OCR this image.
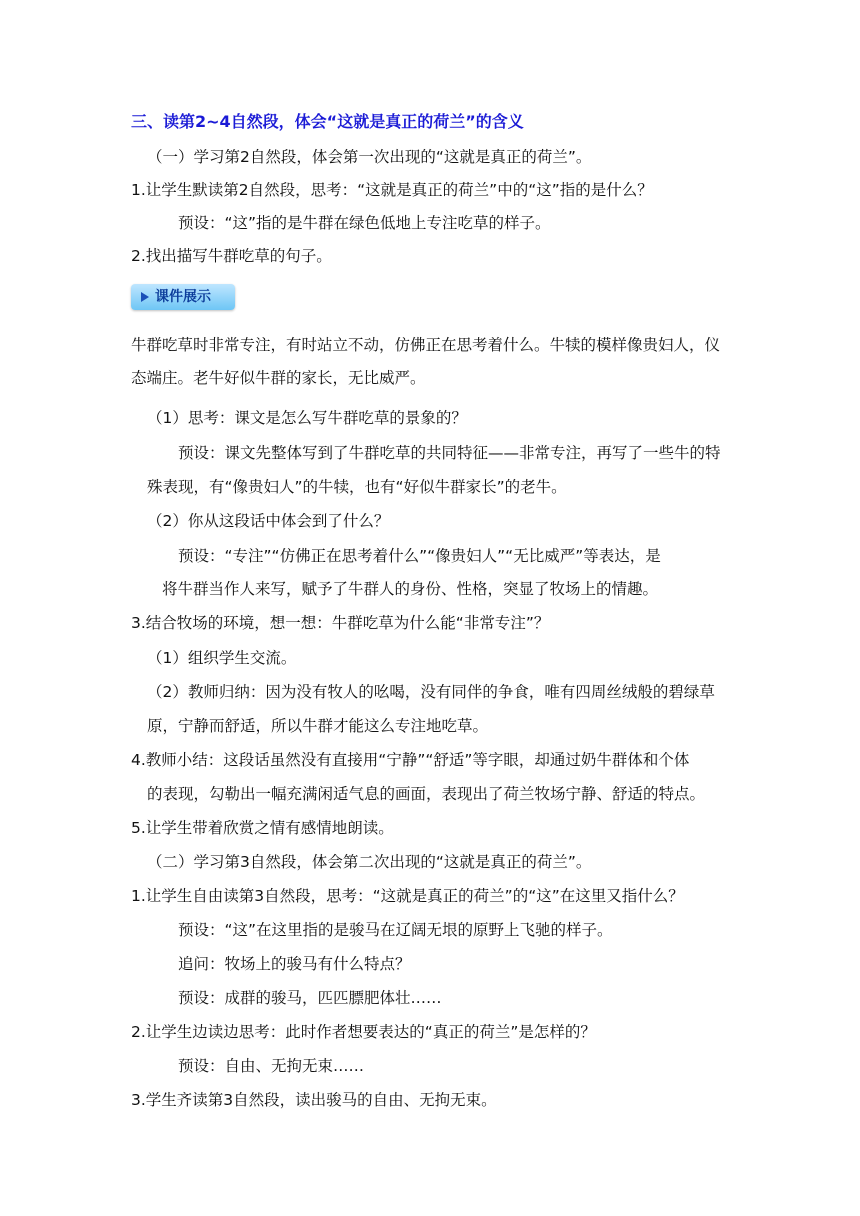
三、读第2~4自然段，体会“这就是真正的荷兰”的含义
（一）学习第2自然段，体会第一次出现的“这就是真正的荷兰”。
1.让学生默读第2自然段，思考：“这就是真正的荷兰”中的“这”指的是什么？
预设：“这”指的是牛群在绿色低地上专注吃草的样子。
2.找出描写牛群吃草的句子。
课件展示
牛群吃草时非常专注，有时站立不动，仿佛正在思考着什么。牛犊的模样像贵妇人，仪
态端庄。老牛好似牛群的家长，无比威严。
（1）思考：课文是怎么写牛群吃草的景象的？
预设：课文先整体写到了牛群吃草的共同特征——非常专注，再写了一些牛的特
殊表现，有“像贵妇人”的牛犊，也有“好似牛群家长”的老牛。
（2）你从这段话中体会到了什么？
预设：“专注”“仿佛正在思考着什么”“像贵妇人”“无比威严”等表达，是
将牛群当作人来写，赋予了牛群人的身份、性格，突显了牧场上的情趣。
3.结合牧场的环境，想一想：牛群吃草为什么能“非常专注”？
（1）组织学生交流。
（2）教师归纳：因为没有牧人的吆喝，没有同伴的争食，唯有四周丝绒般的碧绿草
原，宁静而舒适，所以牛群才能这么专注地吃草。
4.教师小结：这段话虽然没有直接用“宁静”“舒适”等字眼，却通过奶牛群体和个体
的表现，勾勒出一幅充满闲适气息的画面，表现出了荷兰牧场宁静、舒适的特点。
5.让学生带着欣赏之情有感情地朗读。
（二）学习第3自然段，体会第二次出现的“这就是真正的荷兰”。
1.让学生自由读第3自然段，思考：“这就是真正的荷兰”的“这”在这里又指什么？
预设：“这”在这里指的是骏马在辽阔无垠的原野上飞驰的样子。
追问：牧场上的骏马有什么特点？
预设：成群的骏马，匹匹膘肥体壮……
2.让学生边读边思考：此时作者想要表达的“真正的荷兰”是怎样的？
预设：自由、无拘无束……
3.学生齐读第3自然段，读出骏马的自由、无拘无束。
